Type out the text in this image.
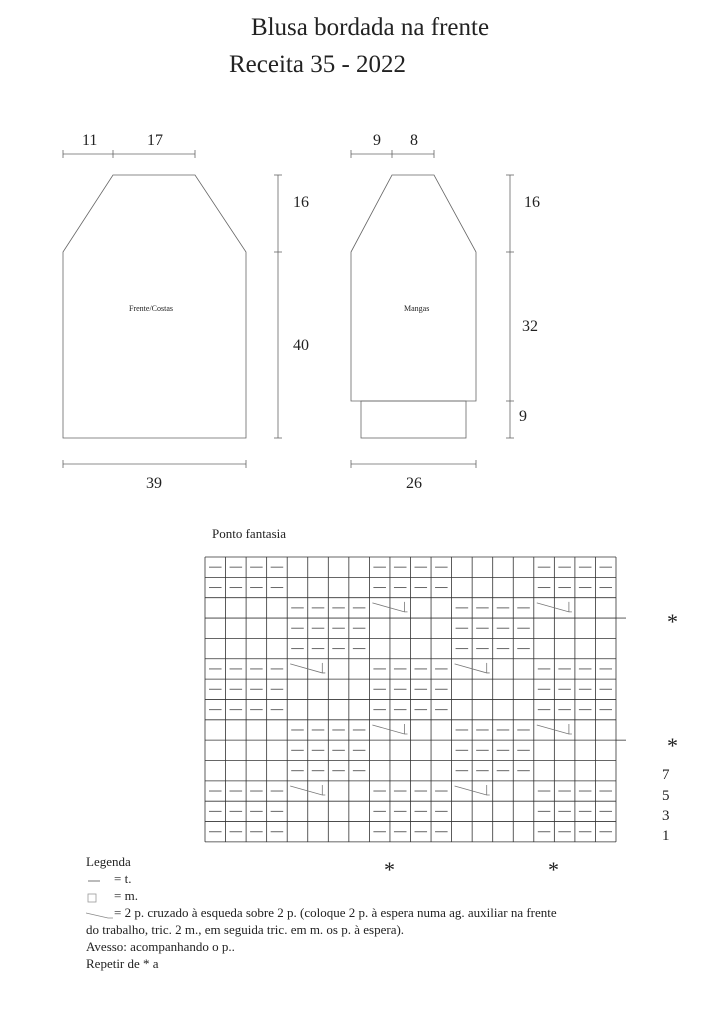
Blusa bordada na frente
Receita 35 - 2022
11	17
16
40
39
Frente/Costas
9 8
16
32
9
26
Mangas
Ponto fantasia
7
5
3
1
*
*
*	*
Legenda
= t.
= m.
= 2 p. cruzado à esqueda sobre 2 p. (coloque 2 p. à espera numa ag. auxiliar na frente
do trabalho, tric. 2 m., em seguida tric. em m. os p. à espera).
Avesso: acompanhando o p..
Repetir de * a
